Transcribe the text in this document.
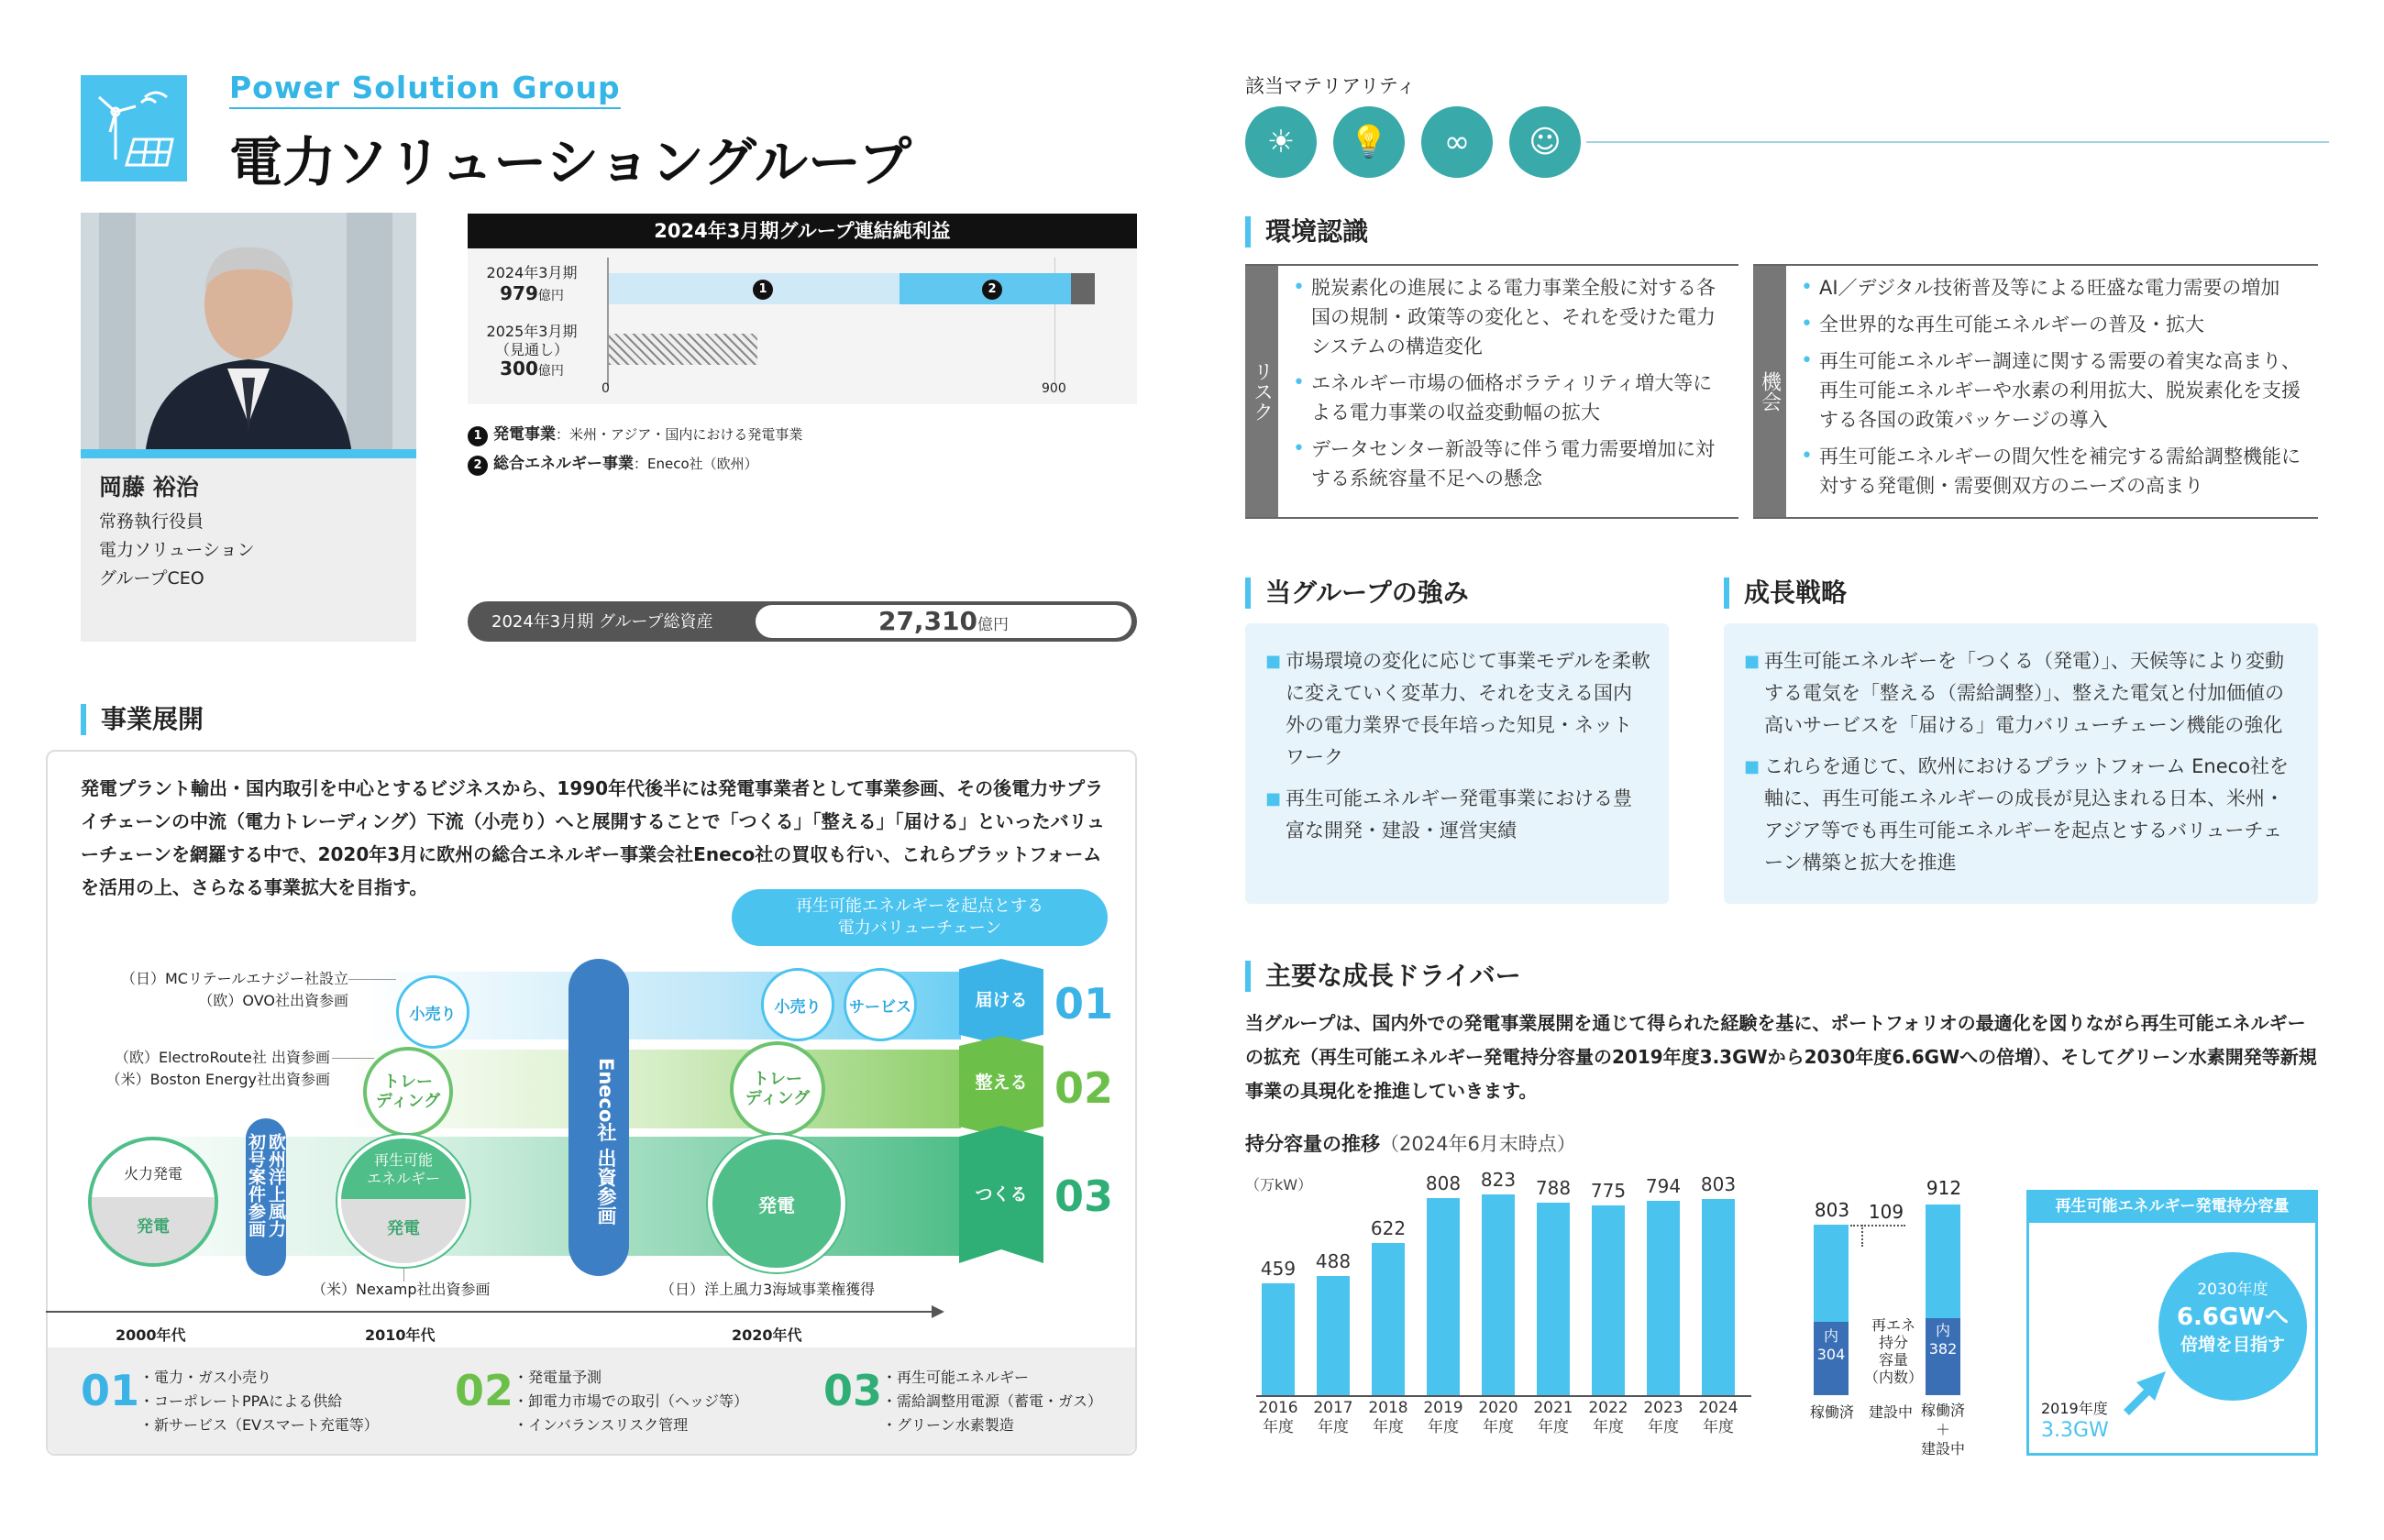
Power Solution Group
電力ソリューショングループ
岡藤 裕治
常務執行役員
電力ソリューション
グループCEO
2024年3月期グループ連結純利益
2024年3月期
979億円
2025年3月期
（見通し）
300億円
1	2
0	900
1 発電事業：米州・アジア・国内における発電事業
2 総合エネルギー事業：Eneco社（欧州）
2024年3月期 グループ総資産	27,310億円
事業展開
発電プラント輸出・国内取引を中心とするビジネスから、1990年代後半には発電事業者として事業参画、その後電力サプライチェーンの中流（電力トレーディング）下流（小売り）へと展開することで「つくる」「整える」「届ける」といったバリューチェーンを網羅する中で、2020年3月に欧州の総合エネルギー事業会社Eneco社の買収も行い、これらプラットフォームを活用の上、さらなる事業拡大を目指す。
再生可能エネルギーを起点とする
電力バリューチェーン
届ける
整える
つくる
01
02
03
（日）MCリテールエナジー社設立
（欧）OVO社出資参画
（欧）ElectroRoute社 出資参画
（米）Boston Energy社出資参画
小売り
トレー
ディング
小売り	サービス
トレー
ディング
火力発電
発電
再生可能
エネルギー
発電
発電
欧州洋上風力
初号案件参画	Eneco社 出資参画
（米）Nexamp社出資参画	（日）洋上風力3海域事業権獲得
2000年代	2010年代	2020年代
01 ・電力・ガス小売り
・コーポレートPPAによる供給
・新サービス（EVスマート充電等）
02 ・発電量予測
・卸電力市場での取引（ヘッジ等）
・インバランスリスク管理
03 ・再生可能エネルギー
・需給調整用電源（蓄電・ガス）
・グリーン水素製造
該当マテリアリティ
☀	💡	∞	☺
環境認識
リスク
• 脱炭素化の進展による電力事業全般に対する各国の規制・政策等の変化と、それを受けた電力システムの構造変化
• エネルギー市場の価格ボラティリティ増大等による電力事業の収益変動幅の拡大
• データセンター新設等に伴う電力需要増加に対する系統容量不足への懸念
機会
• AI／デジタル技術普及等による旺盛な電力需要の増加
• 全世界的な再生可能エネルギーの普及・拡大
• 再生可能エネルギー調達に関する需要の着実な高まり、再生可能エネルギーや水素の利用拡大、脱炭素化を支援する各国の政策パッケージの導入
• 再生可能エネルギーの間欠性を補完する需給調整機能に対する発電側・需要側双方のニーズの高まり
当グループの強み
■ 市場環境の変化に応じて事業モデルを柔軟に変えていく変革力、それを支える国内外の電力業界で長年培った知見・ネットワーク
■ 再生可能エネルギー発電事業における豊富な開発・建設・運営実績
成長戦略
■ 再生可能エネルギーを「つくる（発電）」、天候等により変動する電気を「整える（需給調整）」、整えた電気と付加価値の高いサービスを「届ける」電力バリューチェーン機能の強化
■ これらを通じて、欧州におけるプラットフォーム Eneco社を軸に、再生可能エネルギーの成長が見込まれる日本、米州・アジア等でも再生可能エネルギーを起点とするバリューチェーン構築と拡大を推進
主要な成長ドライバー
当グループは、国内外での発電事業展開を通じて得られた経験を基に、ポートフォリオの最適化を図りながら再生可能エネルギーの拡充（再生可能エネルギー発電持分容量の2019年度3.3GWから2030年度6.6GWへの倍増）、そしてグリーン水素開発等新規事業の具現化を推進していきます。
持分容量の推移（2024年6月末時点）
（万kW）
459
2016
年度
488
2017
年度
622
2018
年度
808
2019
年度
823
2020
年度
788
2021
年度
775
2022
年度
794
2023
年度
803
2024
年度
内
304
803	109
内
382
912
再エネ
持分
容量
（内数）
稼働済 建設中 稼働済
＋
建設中
再生可能エネルギー発電持分容量
2030年度
6.6GWへ
倍増を目指す
2019年度
3.3GW
